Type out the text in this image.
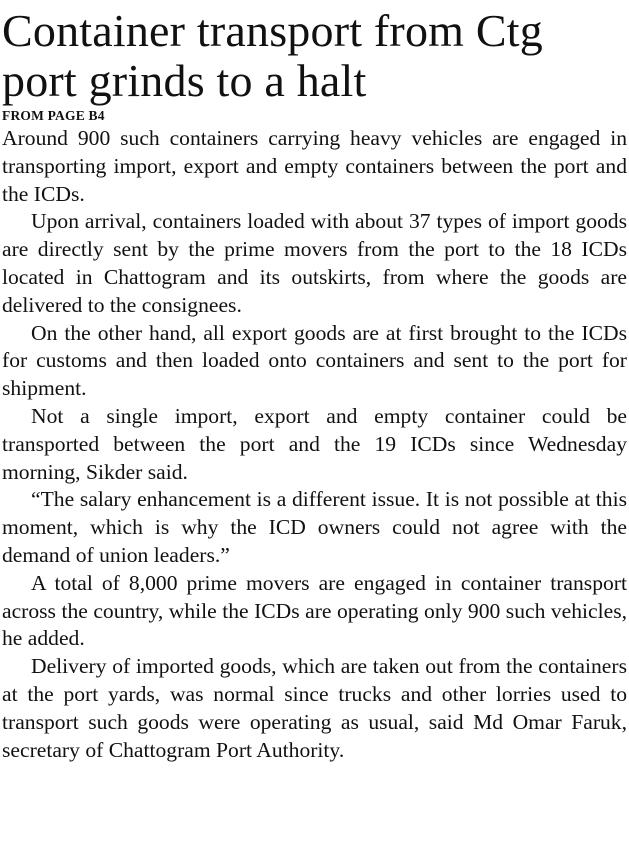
Container transport from Ctg port grinds to a halt
FROM PAGE B4

Around 900 such containers carrying heavy vehicles are engaged in transporting import, export and empty containers between the port and the ICDs.

Upon arrival, containers loaded with about 37 types of import goods are directly sent by the prime movers from the port to the 18 ICDs located in Chattogram and its outskirts, from where the goods are delivered to the consignees.

On the other hand, all export goods are at first brought to the ICDs for customs and then loaded onto containers and sent to the port for shipment.

Not a single import, export and empty container could be transported between the port and the 19 ICDs since Wednesday morning, Sikder said.

“The salary enhancement is a different issue. It is not possible at this moment, which is why the ICD owners could not agree with the demand of union leaders.”

A total of 8,000 prime movers are engaged in container transport across the country, while the ICDs are operating only 900 such vehicles, he added.

Delivery of imported goods, which are taken out from the containers at the port yards, was normal since trucks and other lorries used to transport such goods were operating as usual, said Md Omar Faruk, secretary of Chattogram Port Authority.
